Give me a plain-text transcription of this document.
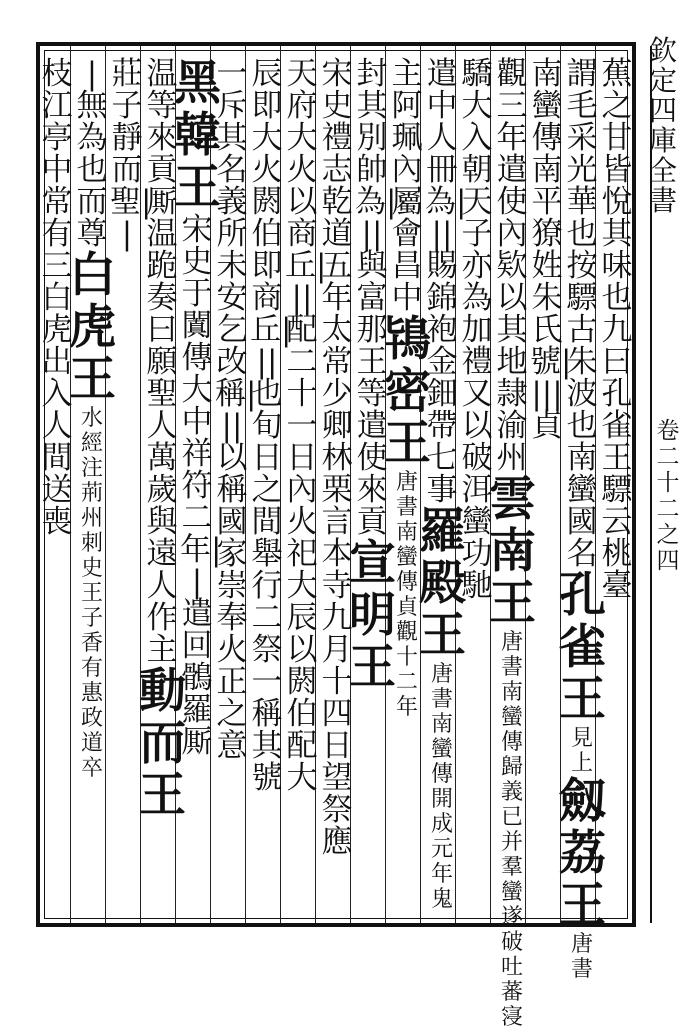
欽定四庫全書
卷二十二之四
蕉之甘皆悅其味也九曰孔雀王驃云桃臺
謂毛采光華也按驃古朱波也南蠻國名
孔雀王
見上
劔荔王
唐書
南蠻傳南平獠姓朱氏號||||貞
觀三年遣使內欵以其地隷渝州
雲南王
唐書南蠻傳歸義已并羣蠻遂破吐蕃寖
驕大入朝天子亦為加禮又以破洱蠻功馳
遣中人冊為|||賜錦袍金鈿帶七事
羅殿王
唐書南蠻傳開成元年鬼
主阿珮內屬會昌中
鴇密王
唐書南蠻傳貞觀十二年
封其別帥為|||與富那王等遣使來貢
宣明王
宋史禮志乾道五年太常少卿林栗言本寺九月十四日望祭應
天府大火以商丘|||配二十一日內火祀大辰以閼伯配大
辰即大火閼伯即商丘|||也旬日之間舉行二祭一稱其號
一斥其名義所未安乞改稱|||以稱國家崇奉火正之意
黑韓王
宋史于闐傳大中祥符二年||遣回鶻羅厮
温等來貢厮温跪奏曰願聖人萬歲與遠人作主
動而王
莊子靜而聖||
|無為也而尊
白虎王
水經注荊州刺史王子香有惠政道卒
枝江亭中常有三白虎出入人間送喪
